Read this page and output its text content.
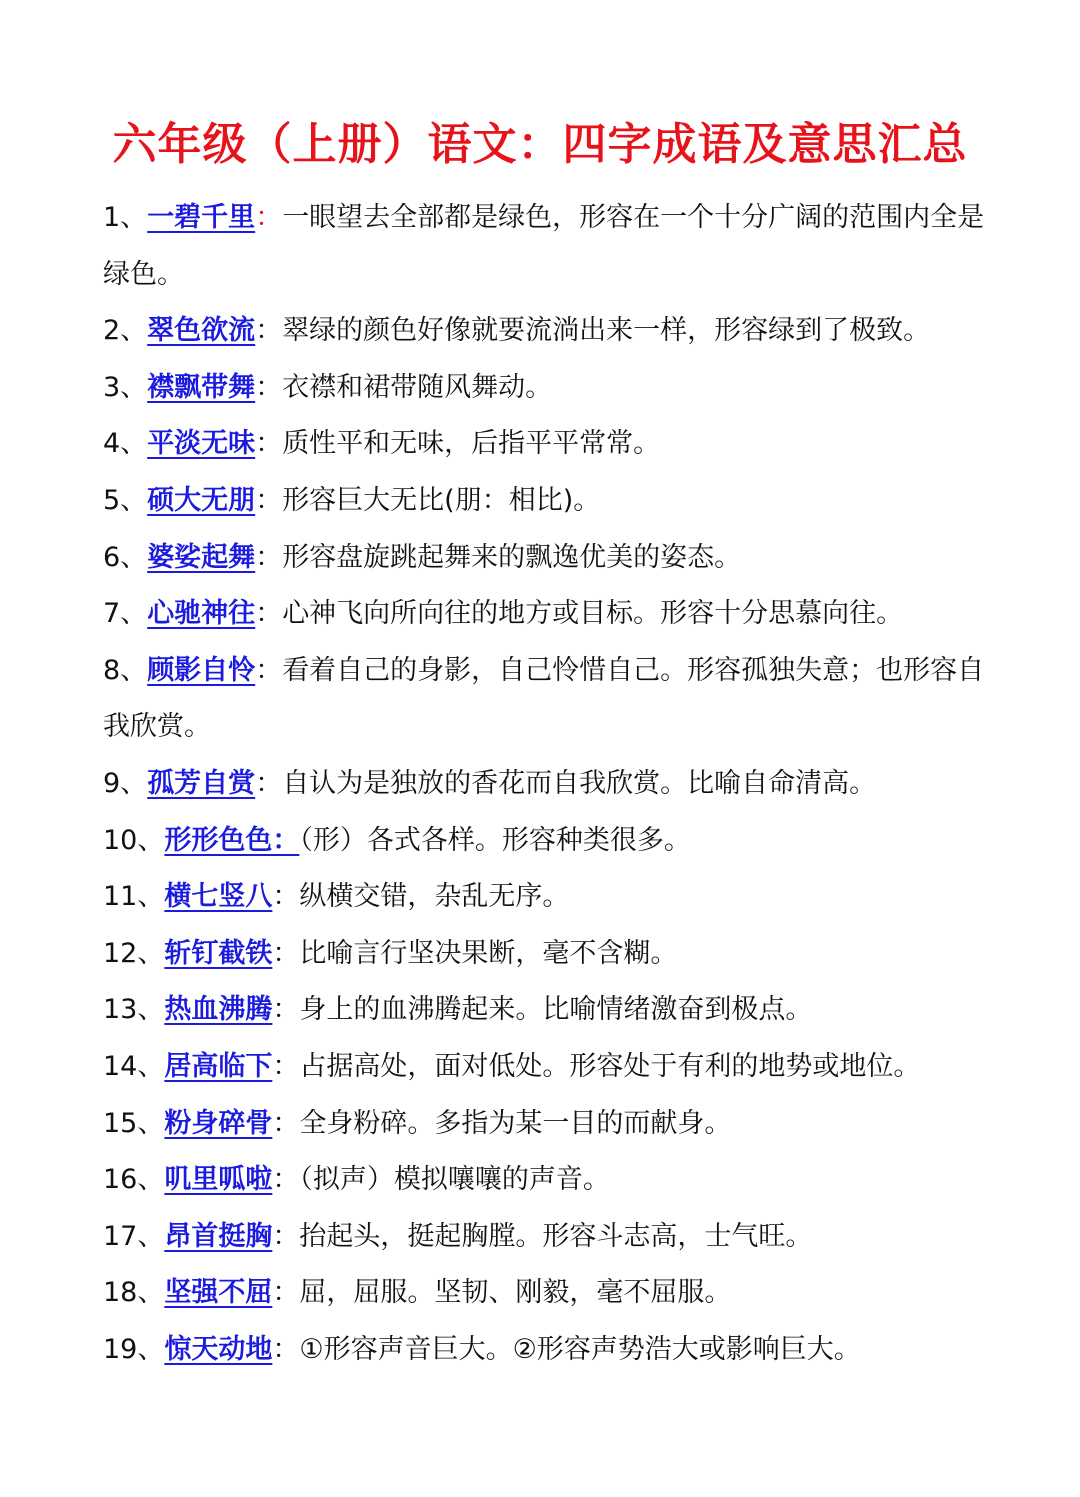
六年级（上册）语文：四字成语及意思汇总

1、一碧千里：一眼望去全部都是绿色，形容在一个十分广阔的范围内全是绿色。

2、翠色欲流：翠绿的颜色好像就要流淌出来一样，形容绿到了极致。

3、襟飘带舞：衣襟和裙带随风舞动。

4、平淡无味：质性平和无味，后指平平常常。

5、硕大无朋：形容巨大无比(朋：相比)。

6、婆娑起舞：形容盘旋跳起舞来的飘逸优美的姿态。

7、心驰神往：心神飞向所向往的地方或目标。形容十分思慕向往。

8、顾影自怜：看着自己的身影，自己怜惜自己。形容孤独失意；也形容自我欣赏。

9、孤芳自赏：自认为是独放的香花而自我欣赏。比喻自命清高。

10、形形色色：（形）各式各样。形容种类很多。

11、横七竖八：纵横交错，杂乱无序。

12、斩钉截铁：比喻言行坚决果断，毫不含糊。

13、热血沸腾：身上的血沸腾起来。比喻情绪激奋到极点。

14、居高临下：占据高处，面对低处。形容处于有利的地势或地位。

15、粉身碎骨：全身粉碎。多指为某一目的而献身。

16、叽里呱啦：（拟声）模拟嚷嚷的声音。

17、昂首挺胸：抬起头，挺起胸膛。形容斗志高，士气旺。

18、坚强不屈：屈，屈服。坚韧、刚毅，毫不屈服。

19、惊天动地：①形容声音巨大。②形容声势浩大或影响巨大。
